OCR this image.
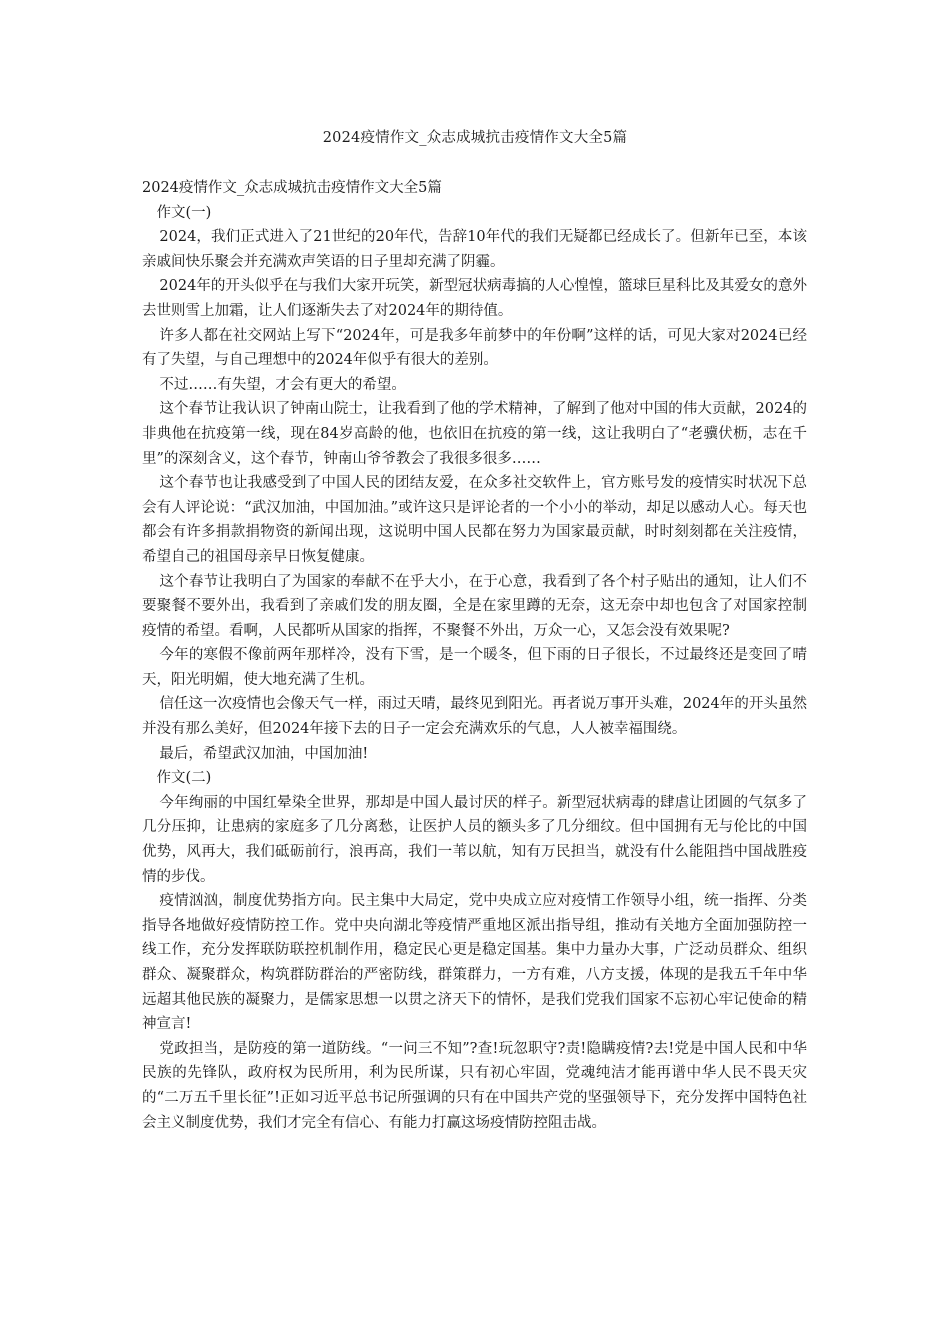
2024疫情作文_众志成城抗击疫情作文大全5篇

2024疫情作文_众志成城抗击疫情作文大全5篇

作文(一)

2024，我们正式进入了21世纪的20年代，告辞10年代的我们无疑都已经成长了。但新年已至，本该亲戚间快乐聚会并充满欢声笑语的日子里却充满了阴霾。

2024年的开头似乎在与我们大家开玩笑，新型冠状病毒搞的人心惶惶，篮球巨星科比及其爱女的意外去世则雪上加霜，让人们逐渐失去了对2024年的期待值。

许多人都在社交网站上写下“2024年，可是我多年前梦中的年份啊”这样的话，可见大家对2024已经有了失望，与自己理想中的2024年似乎有很大的差别。

不过……有失望，才会有更大的希望。

这个春节让我认识了钟南山院士，让我看到了他的学术精神，了解到了他对中国的伟大贡献，2024的非典他在抗疫第一线，现在84岁高龄的他，也依旧在抗疫的第一线，这让我明白了“老骥伏枥，志在千里”的深刻含义，这个春节，钟南山爷爷教会了我很多很多……

这个春节也让我感受到了中国人民的团结友爱，在众多社交软件上，官方账号发的疫情实时状况下总会有人评论说：“武汉加油，中国加油。”或许这只是评论者的一个小小的举动，却足以感动人心。每天也都会有许多捐款捐物资的新闻出现，这说明中国人民都在努力为国家最贡献，时时刻刻都在关注疫情，希望自己的祖国母亲早日恢复健康。

这个春节让我明白了为国家的奉献不在乎大小，在于心意，我看到了各个村子贴出的通知，让人们不要聚餐不要外出，我看到了亲戚们发的朋友圈，全是在家里蹲的无奈，这无奈中却也包含了对国家控制疫情的希望。看啊，人民都听从国家的指挥，不聚餐不外出，万众一心，又怎会没有效果呢?

今年的寒假不像前两年那样冷，没有下雪，是一个暖冬，但下雨的日子很长，不过最终还是变回了晴天，阳光明媚，使大地充满了生机。

信任这一次疫情也会像天气一样，雨过天晴，最终见到阳光。再者说万事开头难，2024年的开头虽然并没有那么美好，但2024年接下去的日子一定会充满欢乐的气息，人人被幸福围绕。

最后，希望武汉加油，中国加油!

作文(二)

今年绚丽的中国红晕染全世界，那却是中国人最讨厌的样子。新型冠状病毒的肆虐让团圆的气氛多了几分压抑，让患病的家庭多了几分离愁，让医护人员的额头多了几分细纹。但中国拥有无与伦比的中国优势，风再大，我们砥砺前行，浪再高，我们一苇以航，知有万民担当，就没有什么能阻挡中国战胜疫情的步伐。

疫情汹汹，制度优势指方向。民主集中大局定，党中央成立应对疫情工作领导小组，统一指挥、分类指导各地做好疫情防控工作。党中央向湖北等疫情严重地区派出指导组，推动有关地方全面加强防控一线工作，充分发挥联防联控机制作用，稳定民心更是稳定国基。集中力量办大事，广泛动员群众、组织群众、凝聚群众，构筑群防群治的严密防线，群策群力，一方有难，八方支援，体现的是我五千年中华远超其他民族的凝聚力，是儒家思想一以贯之济天下的情怀，是我们党我们国家不忘初心牢记使命的精神宣言!

党政担当，是防疫的第一道防线。“一问三不知”?查!玩忽职守?责!隐瞒疫情?去!党是中国人民和中华民族的先锋队，政府权为民所用，利为民所谋，只有初心牢固，党魂纯洁才能再谱中华人民不畏天灾的“二万五千里长征”!正如习近平总书记所强调的只有在中国共产党的坚强领导下，充分发挥中国特色社会主义制度优势，我们才完全有信心、有能力打赢这场疫情防控阻击战。
